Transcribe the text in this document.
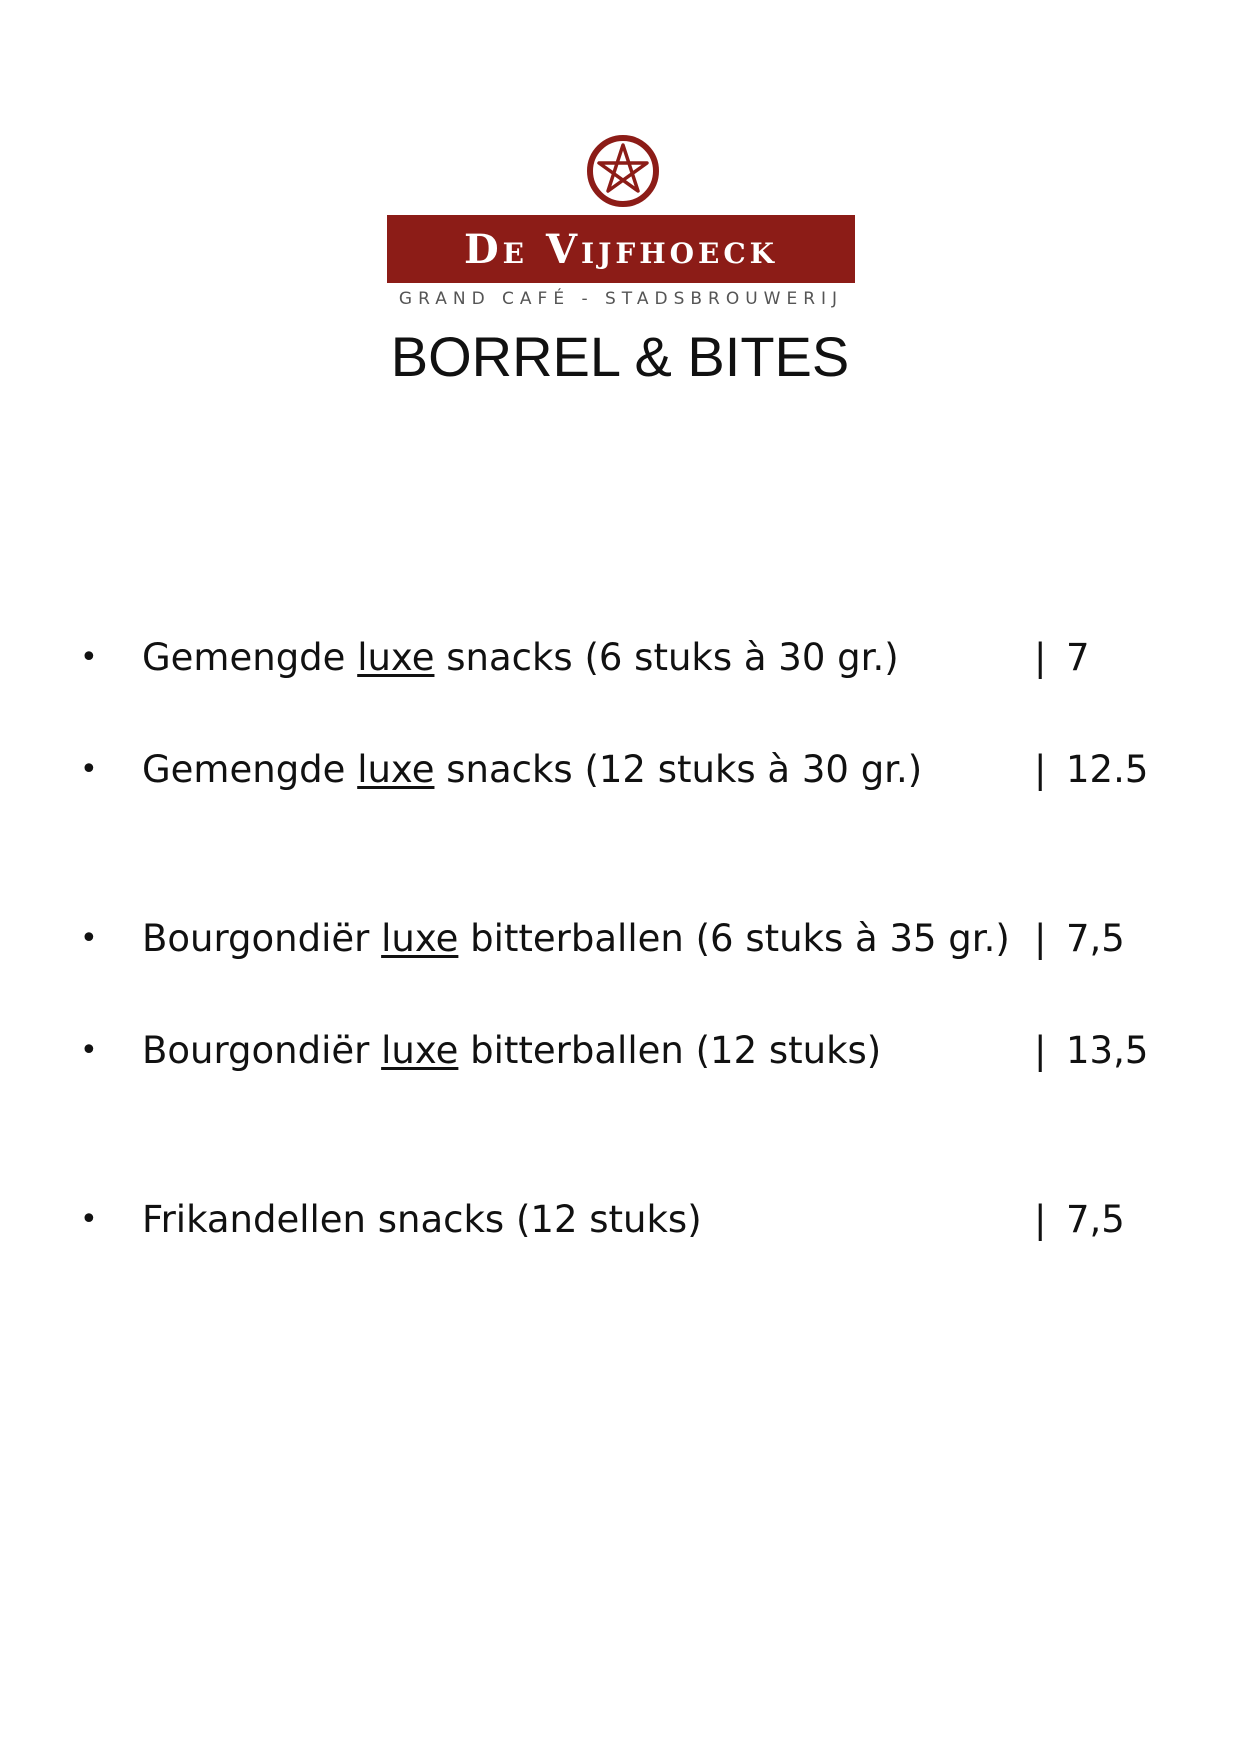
De Vijfhoeck
GRAND CAFÉ - STADSBROUWERIJ
BORREL & BITES
• Gemengde luxe snacks (6 stuks à 30 gr.)	| 7
• Gemengde luxe snacks (12 stuks à 30 gr.)	| 12.5
• Bourgondiër luxe bitterballen (6 stuks à 35 gr.) | 7,5
• Bourgondiër luxe bitterballen (12 stuks)	| 13,5
• Frikandellen snacks (12 stuks)	| 7,5
